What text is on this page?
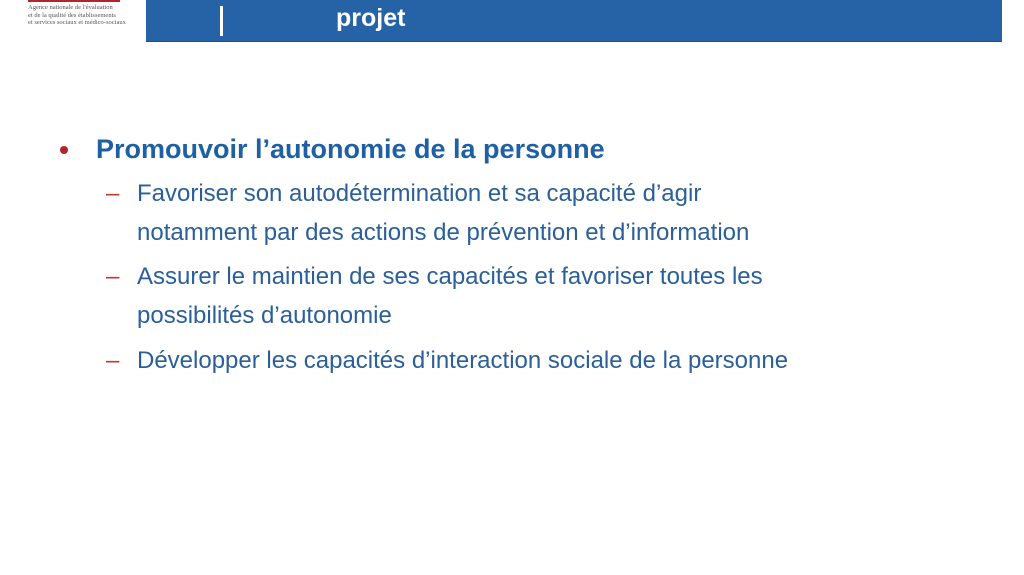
Agence nationale de l'évaluation
et de la qualité des établissements
et services sociaux et médico-sociaux	projet
Promouvoir l’autonomie de la personne
– Favoriser son autodétermination et sa capacité d’agir
notamment par des actions de prévention et d’information
– Assurer le maintien de ses capacités et favoriser toutes les
possibilités d’autonomie
– Développer les capacités d’interaction sociale de la personne
